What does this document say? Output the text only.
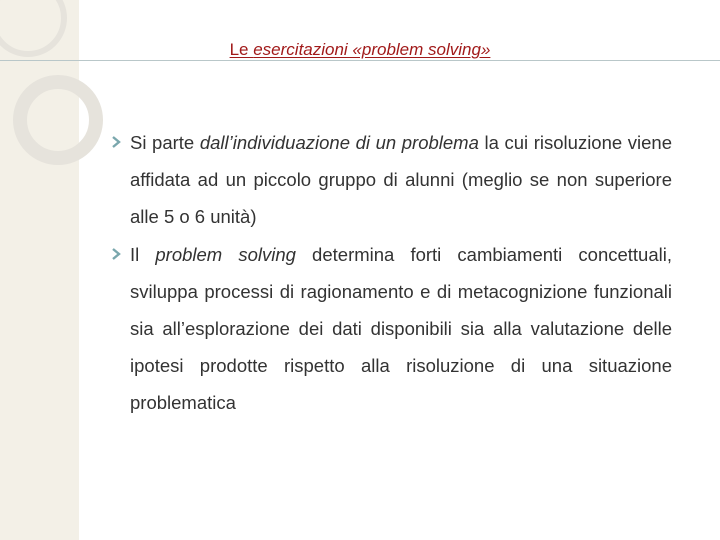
Le esercitazioni «problem solving»
Si parte dall’individuazione di un problema la cui risoluzione viene affidata ad un piccolo gruppo di alunni (meglio se non superiore alle 5 o 6 unità)
Il problem solving determina forti cambiamenti concettuali, sviluppa processi di ragionamento e di metacognizione funzionali sia all’esplorazione dei dati disponibili sia alla valutazione delle ipotesi prodotte rispetto alla risoluzione di una situazione problematica
